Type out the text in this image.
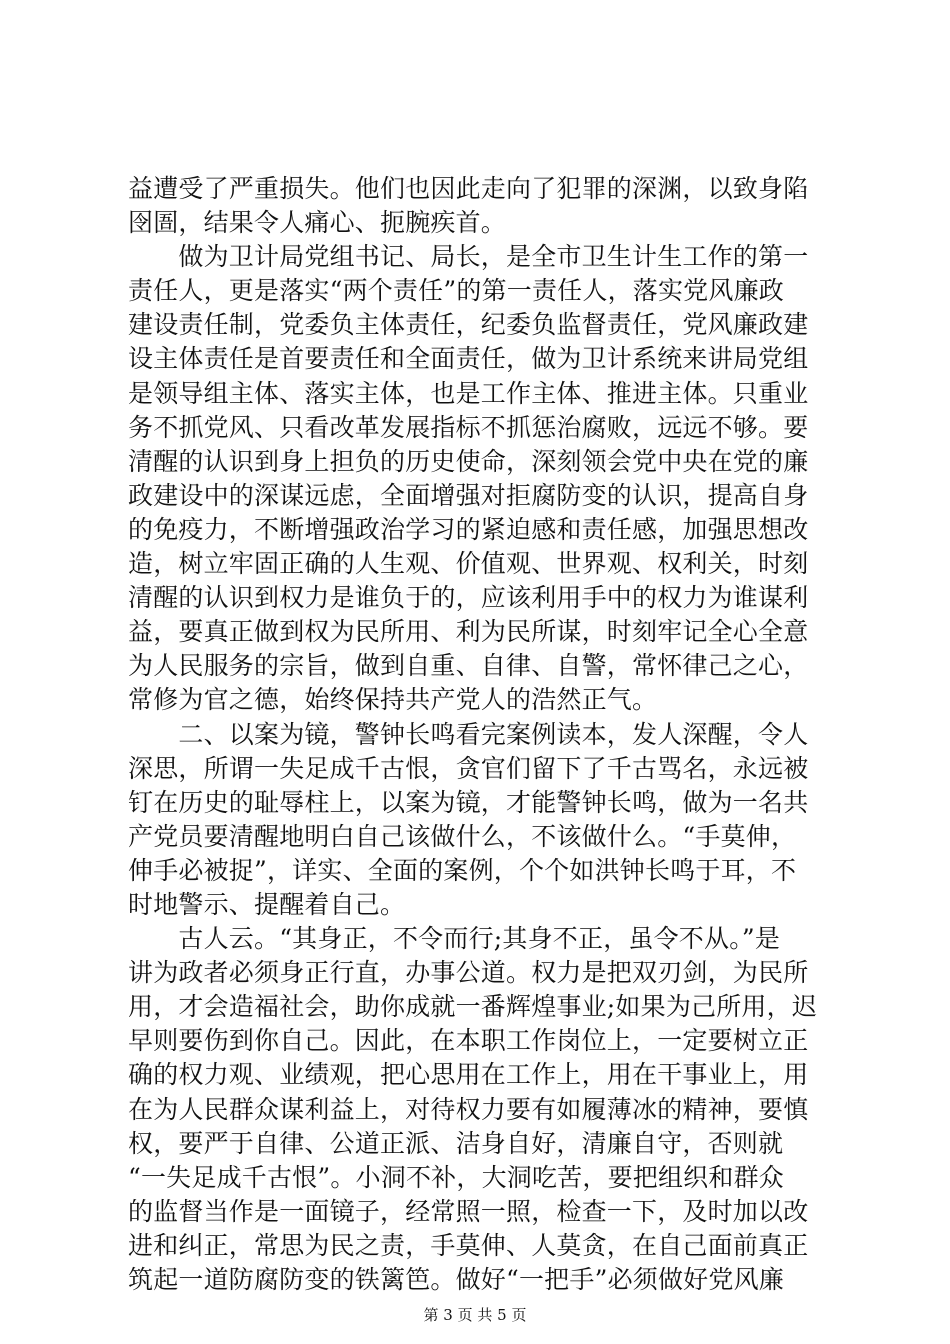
益遭受了严重损失。他们也因此走向了犯罪的深渊，以致身陷
囹圄，结果令人痛心、扼腕疾首。
　　做为卫计局党组书记、局长，是全市卫生计生工作的第一
责任人，更是落实“两个责任”的第一责任人，落实党风廉政
建设责任制，党委负主体责任，纪委负监督责任，党风廉政建
设主体责任是首要责任和全面责任，做为卫计系统来讲局党组
是领导组主体、落实主体，也是工作主体、推进主体。只重业
务不抓党风、只看改革发展指标不抓惩治腐败，远远不够。要
清醒的认识到身上担负的历史使命，深刻领会党中央在党的廉
政建设中的深谋远虑，全面增强对拒腐防变的认识，提高自身
的免疫力，不断增强政治学习的紧迫感和责任感，加强思想改
造，树立牢固正确的人生观、价值观、世界观、权利关，时刻
清醒的认识到权力是谁负于的，应该利用手中的权力为谁谋利
益，要真正做到权为民所用、利为民所谋，时刻牢记全心全意
为人民服务的宗旨，做到自重、自律、自警，常怀律己之心，
常修为官之德，始终保持共产党人的浩然正气。
　　二、以案为镜，警钟长鸣看完案例读本，发人深醒，令人
深思，所谓一失足成千古恨，贪官们留下了千古骂名，永远被
钉在历史的耻辱柱上，以案为镜，才能警钟长鸣，做为一名共
产党员要清醒地明白自己该做什么，不该做什么。“手莫伸，
伸手必被捉”，详实、全面的案例，个个如洪钟长鸣于耳，不
时地警示、提醒着自己。
　　古人云。“其身正，不令而行;其身不正，虽令不从。”是
讲为政者必须身正行直，办事公道。权力是把双刃剑，为民所
用，才会造福社会，助你成就一番辉煌事业;如果为己所用，迟
早则要伤到你自己。因此，在本职工作岗位上，一定要树立正
确的权力观、业绩观，把心思用在工作上，用在干事业上，用
在为人民群众谋利益上，对待权力要有如履薄冰的精神，要慎
权，要严于自律、公道正派、洁身自好，清廉自守，否则就
“一失足成千古恨”。小洞不补，大洞吃苦，要把组织和群众
的监督当作是一面镜子，经常照一照，检查一下，及时加以改
进和纠正，常思为民之责，手莫伸、人莫贪，在自己面前真正
筑起一道防腐防变的铁篱笆。做好“一把手”必须做好党风廉
第 3 页 共 5 页
